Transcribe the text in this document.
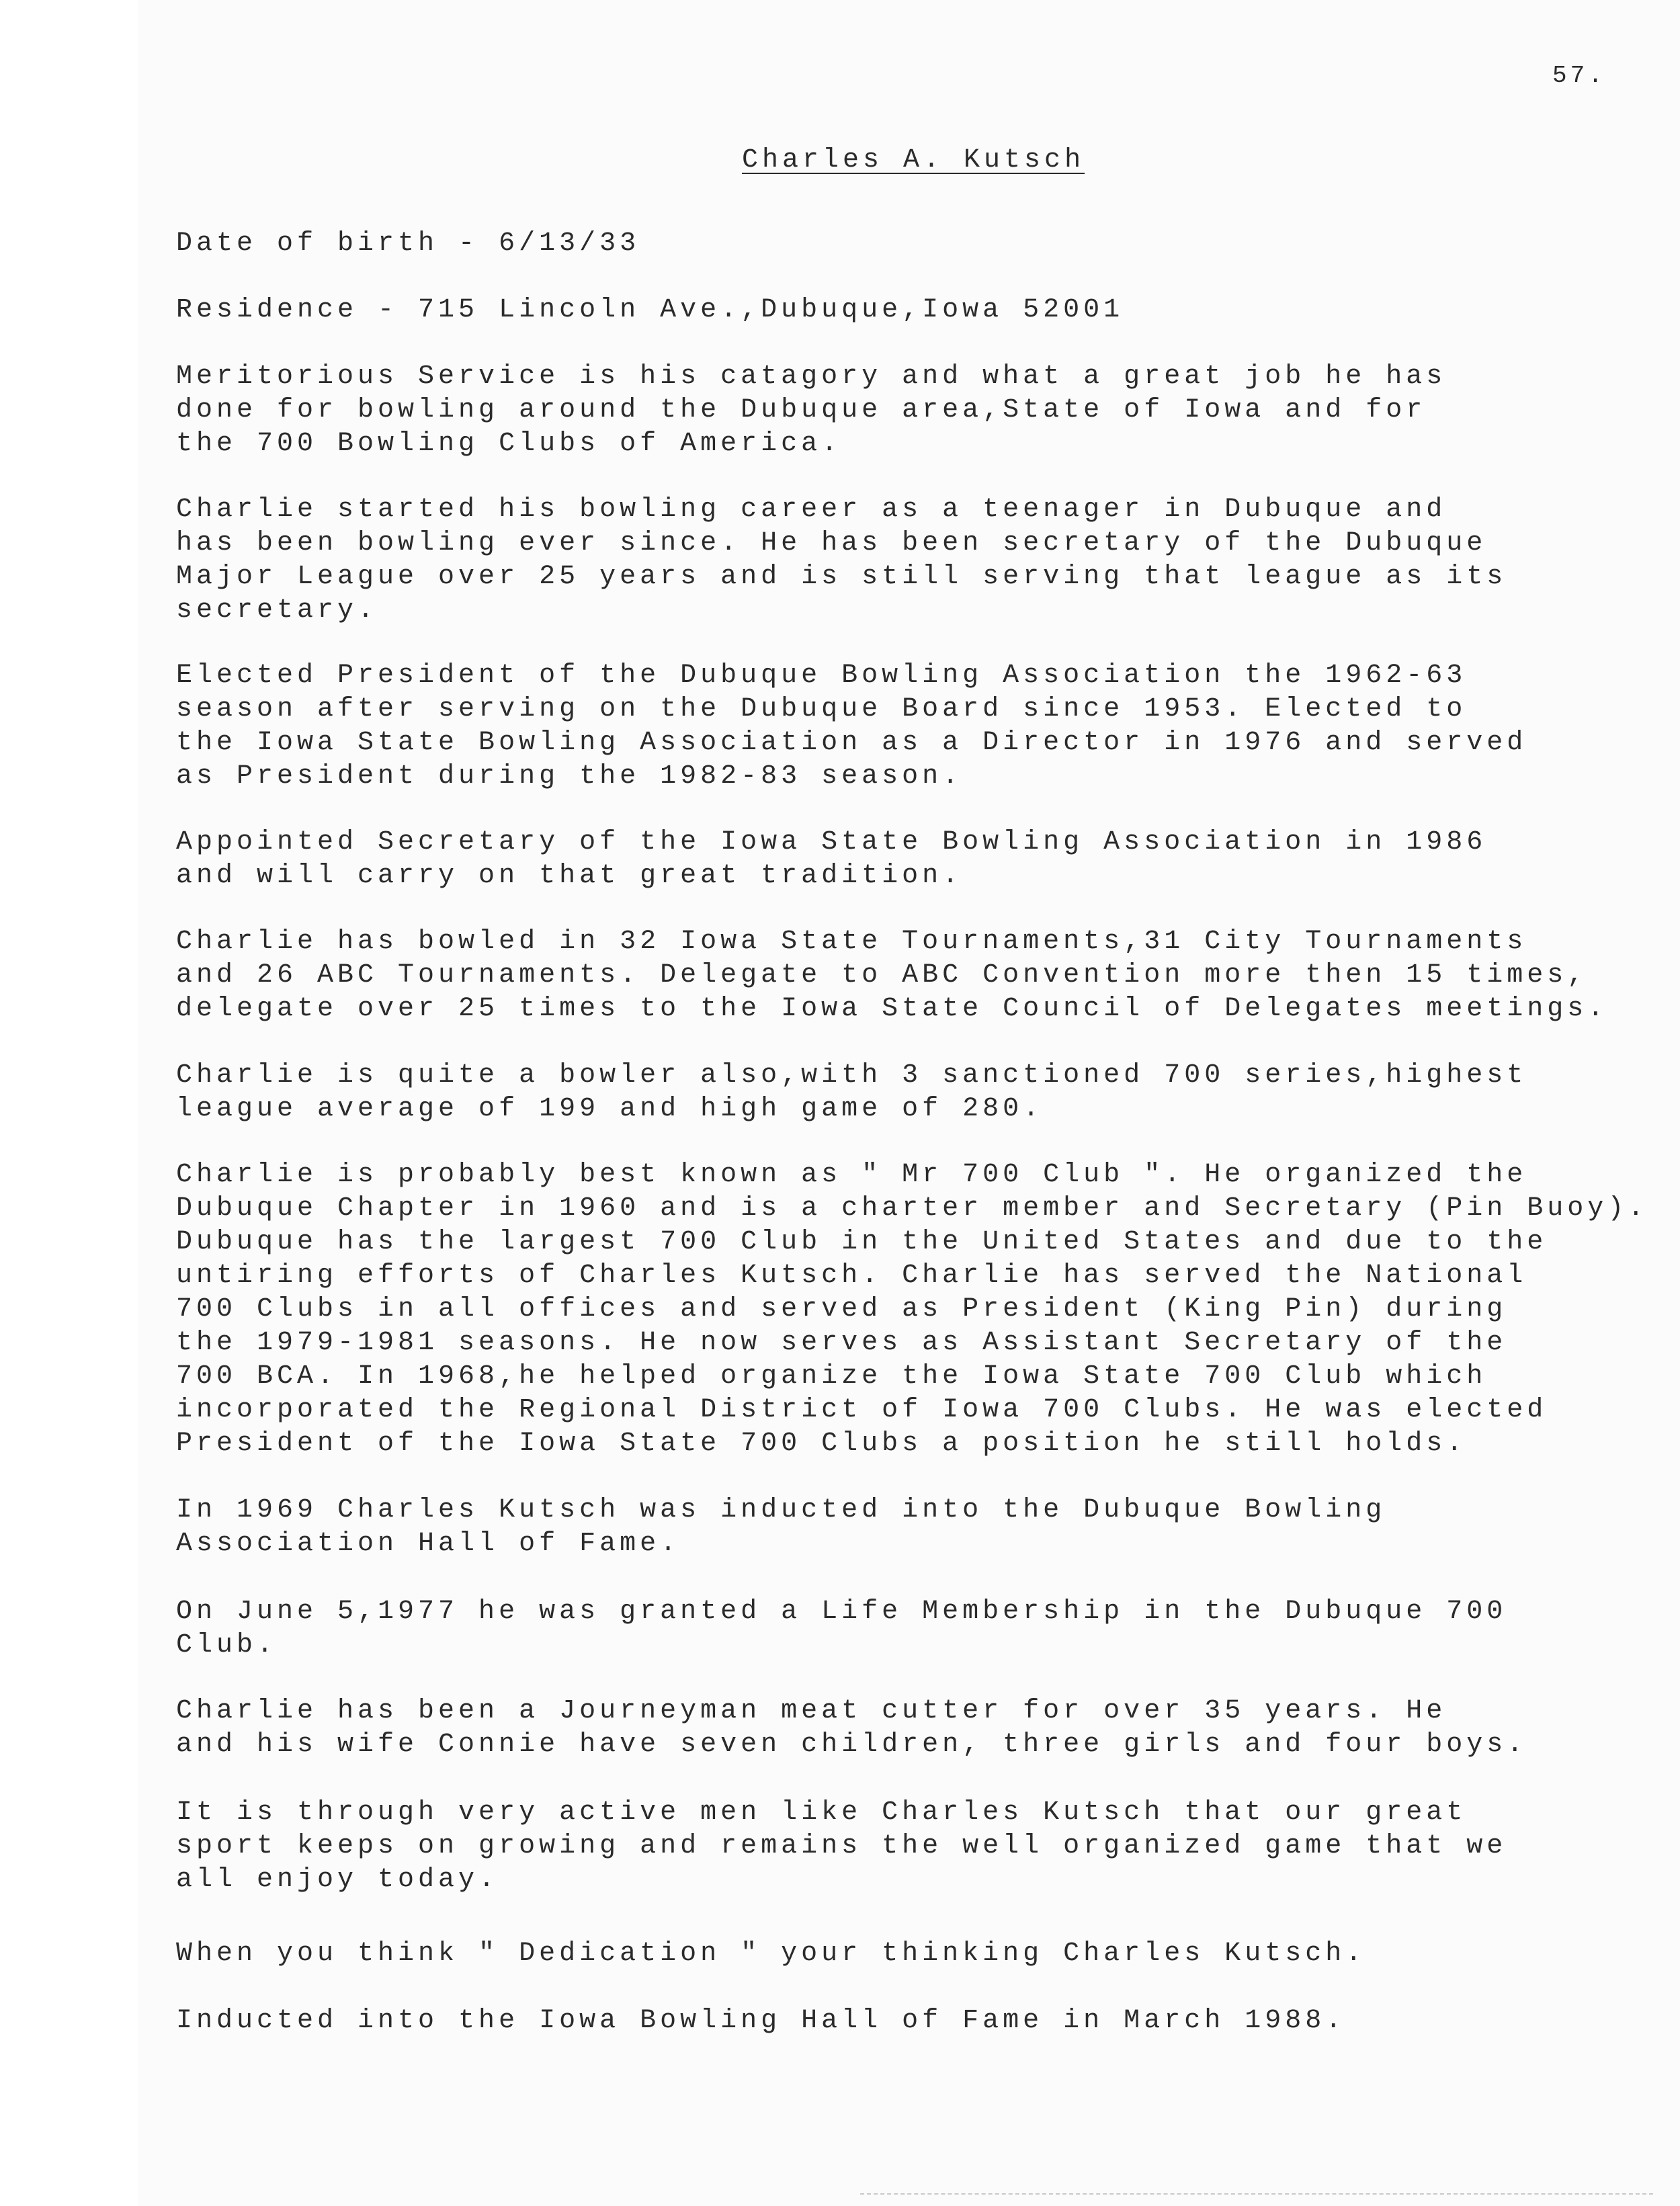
57.
Charles A. Kutsch
Date of birth - 6/13/33
Residence - 715 Lincoln Ave.,Dubuque,Iowa 52001
Meritorious Service is his catagory and what a great job he has
done for bowling around the Dubuque area,State of Iowa and for
the 700 Bowling Clubs of America.
Charlie started his bowling career as a teenager in Dubuque and
has been bowling ever since. He has been secretary of the Dubuque
Major League over 25 years and is still serving that league as its
secretary.
Elected President of the Dubuque Bowling Association the 1962-63
season after serving on the Dubuque Board since 1953. Elected to
the Iowa State Bowling Association as a Director in 1976 and served
as President during the 1982-83 season.
Appointed Secretary of the Iowa State Bowling Association in 1986
and will carry on that great tradition.
Charlie has bowled in 32 Iowa State Tournaments,31 City Tournaments
and 26 ABC Tournaments. Delegate to ABC Convention more then 15 times,
delegate over 25 times to the Iowa State Council of Delegates meetings.
Charlie is quite a bowler also,with 3 sanctioned 700 series,highest
league average of 199 and high game of 280.
Charlie is probably best known as " Mr 700 Club ". He organized the
Dubuque Chapter in 1960 and is a charter member and Secretary (Pin Buoy).
Dubuque has the largest 700 Club in the United States and due to the
untiring efforts of Charles Kutsch. Charlie has served the National
700 Clubs in all offices and served as President (King Pin) during
the 1979-1981 seasons. He now serves as Assistant Secretary of the
700 BCA. In 1968,he helped organize the Iowa State 700 Club which
incorporated the Regional District of Iowa 700 Clubs. He was elected
President of the Iowa State 700 Clubs a position he still holds.
In 1969 Charles Kutsch was inducted into the Dubuque Bowling
Association Hall of Fame.
On June 5,1977 he was granted a Life Membership in the Dubuque 700
Club.
Charlie has been a Journeyman meat cutter for over 35 years. He
and his wife Connie have seven children, three girls and four boys.
It is through very active men like Charles Kutsch that our great
sport keeps on growing and remains the well organized game that we
all enjoy today.
When you think " Dedication " your thinking Charles Kutsch.
Inducted into the Iowa Bowling Hall of Fame in March 1988.
